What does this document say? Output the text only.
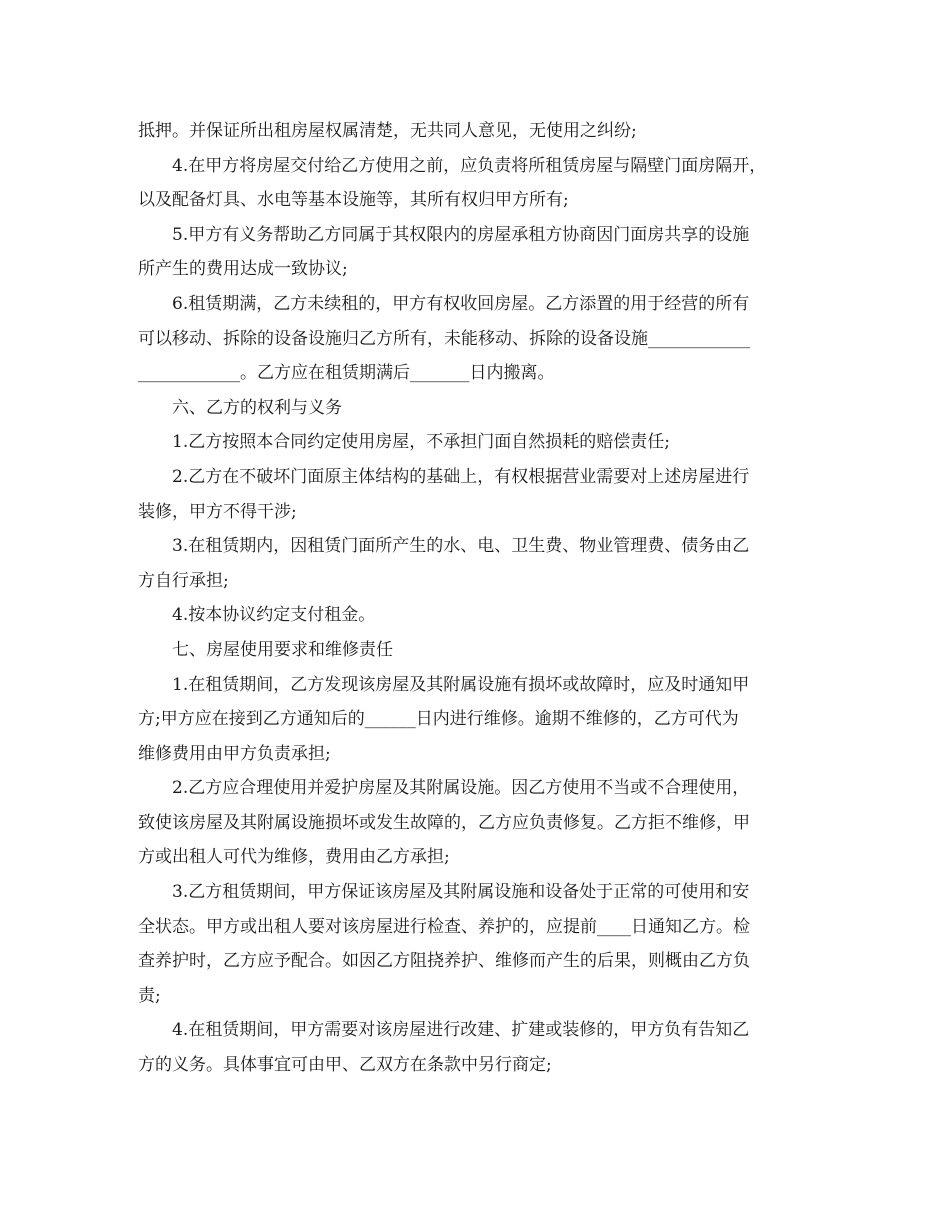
抵押。并保证所出租房屋权属清楚，无共同人意见，无使用之纠纷;
4.在甲方将房屋交付给乙方使用之前，应负责将所租赁房屋与隔壁门面房隔开，
以及配备灯具、水电等基本设施等，其所有权归甲方所有;
5.甲方有义务帮助乙方同属于其权限内的房屋承租方协商因门面房共享的设施
所产生的费用达成一致协议;
6.租赁期满，乙方未续租的，甲方有权收回房屋。乙方添置的用于经营的所有
可以移动、拆除的设备设施归乙方所有，未能移动、拆除的设备设施____________
____________。乙方应在租赁期满后_______日内搬离。
六、乙方的权利与义务
1.乙方按照本合同约定使用房屋，不承担门面自然损耗的赔偿责任;
2.乙方在不破坏门面原主体结构的基础上，有权根据营业需要对上述房屋进行
装修，甲方不得干涉;
3.在租赁期内，因租赁门面所产生的水、电、卫生费、物业管理费、债务由乙
方自行承担;
4.按本协议约定支付租金。
七、房屋使用要求和维修责任
1.在租赁期间，乙方发现该房屋及其附属设施有损坏或故障时，应及时通知甲
方;甲方应在接到乙方通知后的______日内进行维修。逾期不维修的，乙方可代为
维修费用由甲方负责承担;
2.乙方应合理使用并爱护房屋及其附属设施。因乙方使用不当或不合理使用，
致使该房屋及其附属设施损坏或发生故障的，乙方应负责修复。乙方拒不维修，甲
方或出租人可代为维修，费用由乙方承担;
3.乙方租赁期间，甲方保证该房屋及其附属设施和设备处于正常的可使用和安
全状态。甲方或出租人要对该房屋进行检查、养护的，应提前____日通知乙方。检
查养护时，乙方应予配合。如因乙方阻挠养护、维修而产生的后果，则概由乙方负
责;
4.在租赁期间，甲方需要对该房屋进行改建、扩建或装修的，甲方负有告知乙
方的义务。具体事宜可由甲、乙双方在条款中另行商定;
